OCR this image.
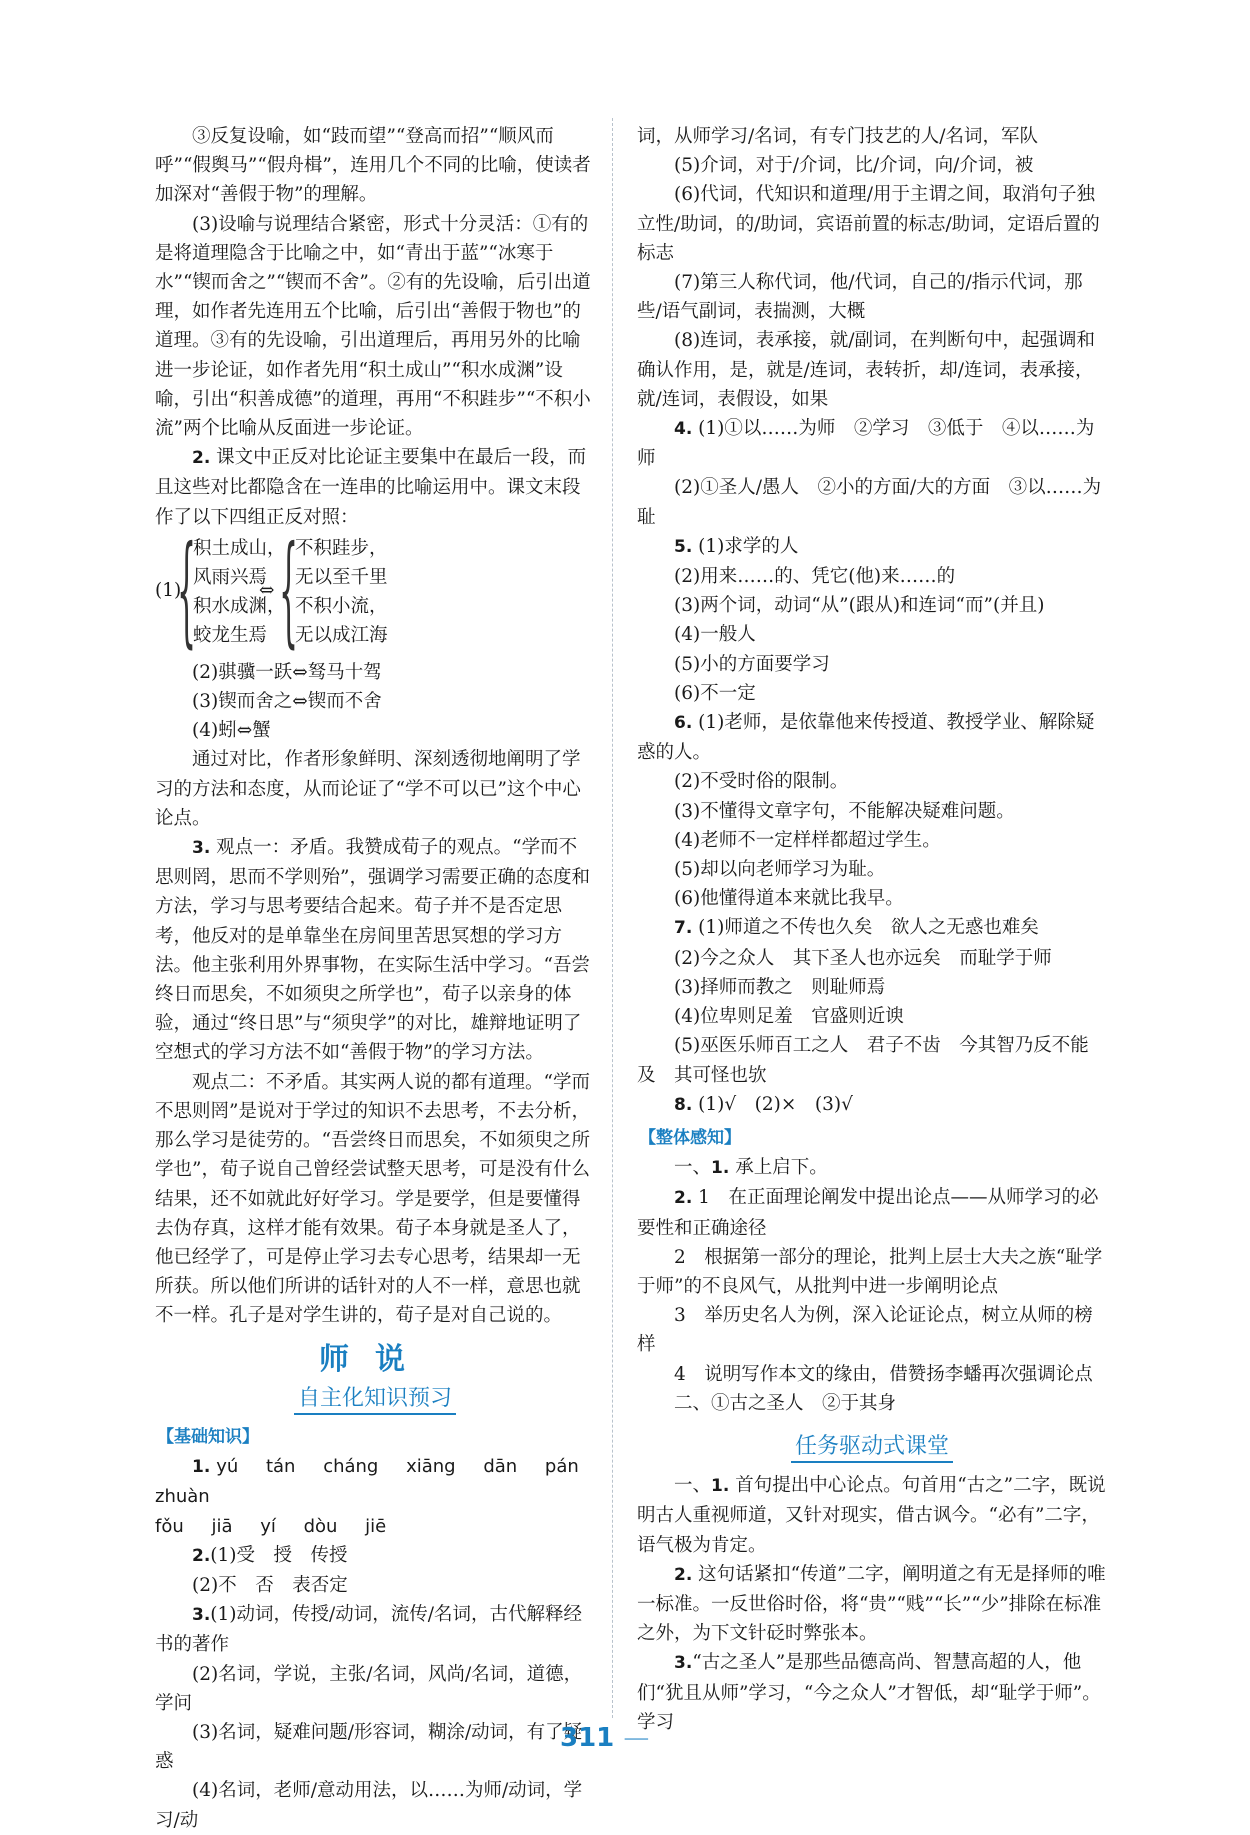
③反复设喻，如“跂而望”“登高而招”“顺风而呼”“假舆马”“假舟楫”，连用几个不同的比喻，使读者加深对“善假于物”的理解。

(3)设喻与说理结合紧密，形式十分灵活：①有的是将道理隐含于比喻之中，如“青出于蓝”“冰寒于水”“锲而舍之”“锲而不舍”。②有的先设喻，后引出道理，如作者先连用五个比喻，后引出“善假于物也”的道理。③有的先设喻，引出道理后，再用另外的比喻进一步论证，如作者先用“积土成山”“积水成渊”设喻，引出“积善成德”的道理，再用“不积跬步”“不积小流”两个比喻从反面进一步论证。

2. 课文中正反对比论证主要集中在最后一段，而且这些对比都隐含在一连串的比喻运用中。课文末段作了以下四组正反对照：

(1)
{
积土成山，
风雨兴焉
积水成渊，
蛟龙生焉
⇔ {
不积跬步，
无以至千里
不积小流，
无以成江海

(2)骐骥一跃⇔驽马十驾

(3)锲而舍之⇔锲而不舍

(4)蚓⇔蟹

通过对比，作者形象鲜明、深刻透彻地阐明了学习的方法和态度，从而论证了“学不可以已”这个中心论点。

3. 观点一：矛盾。我赞成荀子的观点。“学而不思则罔，思而不学则殆”，强调学习需要正确的态度和方法，学习与思考要结合起来。荀子并不是否定思考，他反对的是单靠坐在房间里苦思冥想的学习方法。他主张利用外界事物，在实际生活中学习。“吾尝终日而思矣，不如须臾之所学也”，荀子以亲身的体验，通过“终日思”与“须臾学”的对比，雄辩地证明了空想式的学习方法不如“善假于物”的学习方法。

观点二：不矛盾。其实两人说的都有道理。“学而不思则罔”是说对于学过的知识不去思考，不去分析，那么学习是徒劳的。“吾尝终日而思矣，不如须臾之所学也”，荀子说自己曾经尝试整天思考，可是没有什么结果，还不如就此好好学习。学是要学，但是要懂得去伪存真，这样才能有效果。荀子本身就是圣人了，他已经学了，可是停止学习去专心思考，结果却一无所获。所以他们所讲的话针对的人不一样，意思也就不一样。孔子是对学生讲的，荀子是对自己说的。

师说
自主化知识预习
【基础知识】

1. yú tán cháng xiāng dān pán zhuàn

fǒu jiā yí dòu jiē

2.(1)受　授　传授

(2)不　否　表否定

3.(1)动词，传授/动词，流传/名词，古代解释经书的著作

(2)名词，学说，主张/名词，风尚/名词，道德，学问

(3)名词，疑难问题/形容词，糊涂/动词，有了疑惑

(4)名词，老师/意动用法，以……为师/动词，学习/动

词，从师学习/名词，有专门技艺的人/名词，军队

(5)介词，对于/介词，比/介词，向/介词，被

(6)代词，代知识和道理/用于主谓之间，取消句子独立性/助词，的/助词，宾语前置的标志/助词，定语后置的标志

(7)第三人称代词，他/代词，自己的/指示代词，那些/语气副词，表揣测，大概

(8)连词，表承接，就/副词，在判断句中，起强调和确认作用，是，就是/连词，表转折，却/连词，表承接，就/连词，表假设，如果

4. (1)①以……为师　②学习　③低于　④以……为师

(2)①圣人/愚人　②小的方面/大的方面　③以……为耻

5. (1)求学的人

(2)用来……的、凭它(他)来……的

(3)两个词，动词“从”(跟从)和连词“而”(并且)

(4)一般人

(5)小的方面要学习

(6)不一定

6. (1)老师，是依靠他来传授道、教授学业、解除疑惑的人。

(2)不受时俗的限制。

(3)不懂得文章字句，不能解决疑难问题。

(4)老师不一定样样都超过学生。

(5)却以向老师学习为耻。

(6)他懂得道本来就比我早。

7. (1)师道之不传也久矣　欲人之无惑也难矣

(2)今之众人　其下圣人也亦远矣　而耻学于师

(3)择师而教之　则耻师焉

(4)位卑则足羞　官盛则近谀

(5)巫医乐师百工之人　君子不齿　今其智乃反不能及　其可怪也欤

8. (1)√　(2)×　(3)√

【整体感知】

一、1. 承上启下。

2. 1　在正面理论阐发中提出论点——从师学习的必要性和正确途径

2　根据第一部分的理论，批判上层士大夫之族“耻学于师”的不良风气，从批判中进一步阐明论点

3　举历史名人为例，深入论证论点，树立从师的榜样

4　说明写作本文的缘由，借赞扬李蟠再次强调论点

二、①古之圣人　②于其身

任务驱动式课堂

一、1. 首句提出中心论点。句首用“古之”二字，既说明古人重视师道，又针对现实，借古讽今。“必有”二字，语气极为肯定。

2. 这句话紧扣“传道”二字，阐明道之有无是择师的唯一标准。一反世俗时俗，将“贵”“贱”“长”“少”排除在标准之外，为下文针砭时弊张本。

3.“古之圣人”是那些品德高尚、智慧高超的人，他们“犹且从师”学习，“今之众人”才智低，却“耻学于师”。学习

311 —
